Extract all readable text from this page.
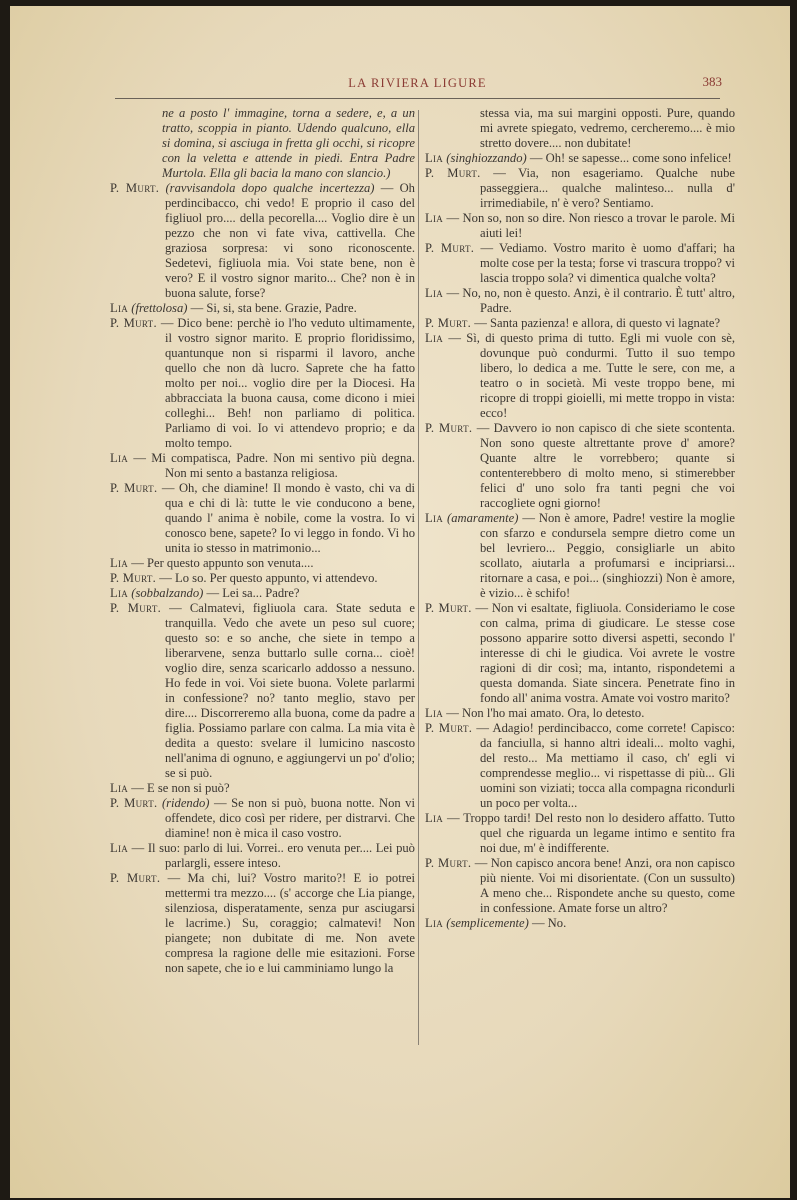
LA RIVIERA LIGURE	383

ne a posto l' immagine, torna a sedere, e, a un tratto, scoppia in pianto. Udendo qualcuno, ella si domina, si asciuga in fretta gli occhi, si ricopre con la veletta e attende in piedi. Entra Padre Murtola. Ella gli bacia la mano con slancio.)

P. Murt. (ravvisandola dopo qualche incertezza) — Oh perdincibacco, chi vedo! E proprio il caso del figliuol pro.... della pecorella.... Voglio dire è un pezzo che non vi fate viva, cattivella. Che graziosa sorpresa: vi sono riconoscente. Sedetevi, figliuola mia. Voi state bene, non è vero? E il vostro signor marito... Che? non è in buona salute, forse?

Lia (frettolosa) — Si, si, sta bene. Grazie, Padre.

P. Murt. — Dico bene: perchè io l'ho veduto ultimamente, il vostro signor marito. E proprio floridissimo, quantunque non si risparmi il lavoro, anche quello che non dà lucro. Saprete che ha fatto molto per noi... voglio dire per la Diocesi. Ha abbracciata la buona causa, come dicono i miei colleghi... Beh! non parliamo di politica. Parliamo di voi. Io vi attendevo proprio; e da molto tempo.

Lia — Mi compatisca, Padre. Non mi sentivo più degna. Non mi sento a bastanza religiosa.

P. Murt. — Oh, che diamine! Il mondo è vasto, chi va di qua e chi di là: tutte le vie conducono a bene, quando l' anima è nobile, come la vostra. Io vi conosco bene, sapete? Io vi leggo in fondo. Vi ho unita io stesso in matrimonio...

Lia — Per questo appunto son venuta....

P. Murt. — Lo so. Per questo appunto, vi attendevo.

Lia (sobbalzando) — Lei sa... Padre?

P. Murt. — Calmatevi, figliuola cara. State seduta e tranquilla. Vedo che avete un peso sul cuore; questo so: e so anche, che siete in tempo a liberarvene, senza buttarlo sulle corna... cioè! voglio dire, senza scaricarlo addosso a nessuno. Ho fede in voi. Voi siete buona. Volete parlarmi in confessione? no? tanto meglio, stavo per dire.... Discorreremo alla buona, come da padre a figlia. Possiamo parlare con calma. La mia vita è dedita a questo: svelare il lumicino nascosto nell'anima di ognuno, e aggiungervi un po' d'olio; se si può.

Lia — E se non si può?

P. Murt. (ridendo) — Se non si può, buona notte. Non vi offendete, dico così per ridere, per distrarvi. Che diamine! non è mica il caso vostro.

Lia — Il suo: parlo di lui. Vorrei.. ero venuta per.... Lei può parlargli, essere inteso.

P. Murt. — Ma chi, lui? Vostro marito?! E io potrei mettermi tra mezzo.... (s' accorge che Lia piange, silenziosa, disperatamente, senza pur asciugarsi le lacrime.) Su, coraggio; calmatevi! Non piangete; non dubitate di me. Non avete compresa la ragione delle mie esitazioni. Forse non sapete, che io e lui camminiamo lungo la

stessa via, ma sui margini opposti. Pure, quando mi avrete spiegato, vedremo, cercheremo.... è mio stretto dovere.... non dubitate!

Lia (singhiozzando) — Oh! se sapesse... come sono infelice!

P. Murt. — Via, non esageriamo. Qualche nube passeggiera... qualche malinteso... nulla d' irrimediabile, n' è vero? Sentiamo.

Lia — Non so, non so dire. Non riesco a trovar le parole. Mi aiuti lei!

P. Murt. — Vediamo. Vostro marito è uomo d'affari; ha molte cose per la testa; forse vi trascura troppo? vi lascia troppo sola? vi dimentica qualche volta?

Lia — No, no, non è questo. Anzi, è il contrario. È tutt' altro, Padre.

P. Murt. — Santa pazienza! e allora, di questo vi lagnate?

Lia — Sì, di questo prima di tutto. Egli mi vuole con sè, dovunque può condurmi. Tutto il suo tempo libero, lo dedica a me. Tutte le sere, con me, a teatro o in società. Mi veste troppo bene, mi ricopre di troppi gioielli, mi mette troppo in vista: ecco!

P. Murt. — Davvero io non capisco di che siete scontenta. Non sono queste altrettante prove d' amore? Quante altre le vorrebbero; quante si contenterebbero di molto meno, si stimerebber felici d' uno solo fra tanti pegni che voi raccogliete ogni giorno!

Lia (amaramente) — Non è amore, Padre! vestire la moglie con sfarzo e condursela sempre dietro come un bel levriero... Peggio, consigliarle un abito scollato, aiutarla a profumarsi e incipriarsi... ritornare a casa, e poi... (singhiozzi) Non è amore, è vizio... è schifo!

P. Murt. — Non vi esaltate, figliuola. Consideriamo le cose con calma, prima di giudicare. Le stesse cose possono apparire sotto diversi aspetti, secondo l' interesse di chi le giudica. Voi avrete le vostre ragioni di dir così; ma, intanto, rispondetemi a questa domanda. Siate sincera. Penetrate fino in fondo all' anima vostra. Amate voi vostro marito?

Lia — Non l'ho mai amato. Ora, lo detesto.

P. Murt. — Adagio! perdincibacco, come correte! Capisco: da fanciulla, si hanno altri ideali... molto vaghi, del resto... Ma mettiamo il caso, ch' egli vi comprendesse meglio... vi rispettasse di più... Gli uomini son viziati; tocca alla compagna ricondurli un poco per volta...

Lia — Troppo tardi! Del resto non lo desidero affatto. Tutto quel che riguarda un legame intimo e sentito fra noi due, m' è indifferente.

P. Murt. — Non capisco ancora bene! Anzi, ora non capisco più niente. Voi mi disorientate. (Con un sussulto) A meno che... Rispondete anche su questo, come in confessione. Amate forse un altro?

Lia (semplicemente) — No.
